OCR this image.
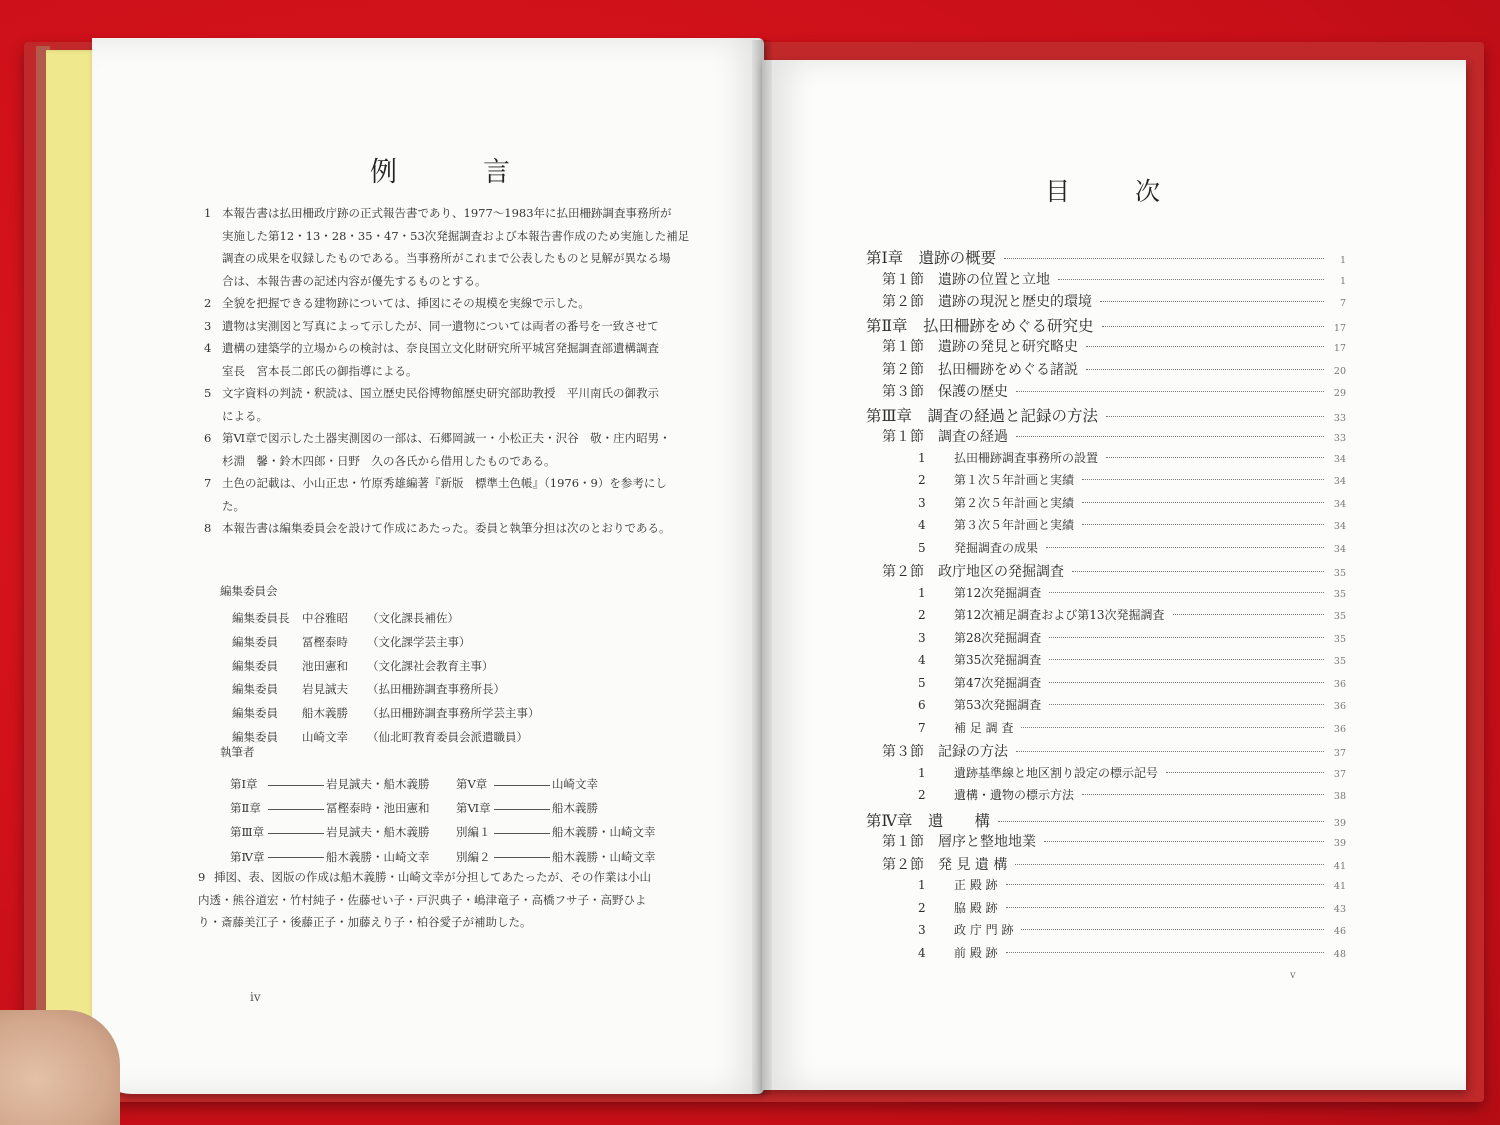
例	言
1 本報告書は払田柵政庁跡の正式報告書であり、1977〜1983年に払田柵跡調査事務所が
実施した第12・13・28・35・47・53次発掘調査および本報告書作成のため実施した補足
調査の成果を収録したものである。当事務所がこれまで公表したものと見解が異なる場
合は、本報告書の記述内容が優先するものとする。
2 全貌を把握できる建物跡については、挿図にその規模を実線で示した。
3 遺物は実測図と写真によって示したが、同一遺物については両者の番号を一致させて
4 遺構の建築学的立場からの検討は、奈良国立文化財研究所平城宮発掘調査部遺構調査
室長　宮本長二郎氏の御指導による。
5 文字資料の判読・釈読は、国立歴史民俗博物館歴史研究部助教授　平川南氏の御教示
による。
6 第Ⅵ章で図示した土器実測図の一部は、石郷岡誠一・小松正夫・沢谷　敬・庄内昭男・
杉淵　馨・鈴木四郎・日野　久の各氏から借用したものである。
7 土色の記載は、小山正忠・竹原秀雄編著『新版　標準土色帳』（1976・9）を参考にし
た。
8 本報告書は編集委員会を設けて作成にあたった。委員と執筆分担は次のとおりである。
編集委員会
編集委員長 中谷雅昭 （文化課長補佐）
編集委員 冨樫泰時 （文化課学芸主事）
編集委員 池田憲和 （文化課社会教育主事）
編集委員 岩見誠夫 （払田柵跡調査事務所長）
編集委員 船木義勝 （払田柵跡調査事務所学芸主事）
編集委員 山崎文幸 （仙北町教育委員会派遣職員）
執筆者
第Ⅰ章	岩見誠夫・船木義勝 第Ⅴ章	山崎文幸
第Ⅱ章	冨樫泰時・池田憲和 第Ⅵ章	船木義勝
第Ⅲ章	岩見誠夫・船木義勝 別編１	船木義勝・山崎文幸
第Ⅳ章	船木義勝・山崎文幸 別編２	船木義勝・山崎文幸
9 挿図、表、図版の作成は船木義勝・山崎文幸が分担してあたったが、その作業は小山
内透・熊谷道宏・竹村純子・佐藤せい子・戸沢典子・嶋津竜子・高橋フサ子・高野ひよ
り・斎藤美江子・後藤正子・加藤えり子・柏谷愛子が補助した。
iv
目	次
第Ⅰ章　遺跡の概要	1
第１節　遺跡の位置と立地	1
第２節　遺跡の現況と歴史的環境	7
第Ⅱ章　払田柵跡をめぐる研究史	17
第１節　遺跡の発見と研究略史	17
第２節　払田柵跡をめぐる諸説	20
第３節　保護の歴史	29
第Ⅲ章　調査の経過と記録の方法	33
第１節　調査の経過	33
1 払田柵跡調査事務所の設置	34
2 第１次５年計画と実績	34
3 第２次５年計画と実績	34
4 第３次５年計画と実績	34
5 発掘調査の成果	34
第２節　政庁地区の発掘調査	35
1 第12次発掘調査	35
2 第12次補足調査および第13次発掘調査	35
3 第28次発掘調査	35
4 第35次発掘調査	35
5 第47次発掘調査	36
6 第53次発掘調査	36
7 補 足 調 査	36
第３節　記録の方法	37
1 遺跡基準線と地区割り設定の標示記号	37
2 遺構・遺物の標示方法	38
第Ⅳ章　遺　　構	39
第１節　層序と整地地業	39
第２節　発 見 遺 構	41
1 正 殿 跡	41
2 脇 殿 跡	43
3 政 庁 門 跡	46
4 前 殿 跡	48
v
